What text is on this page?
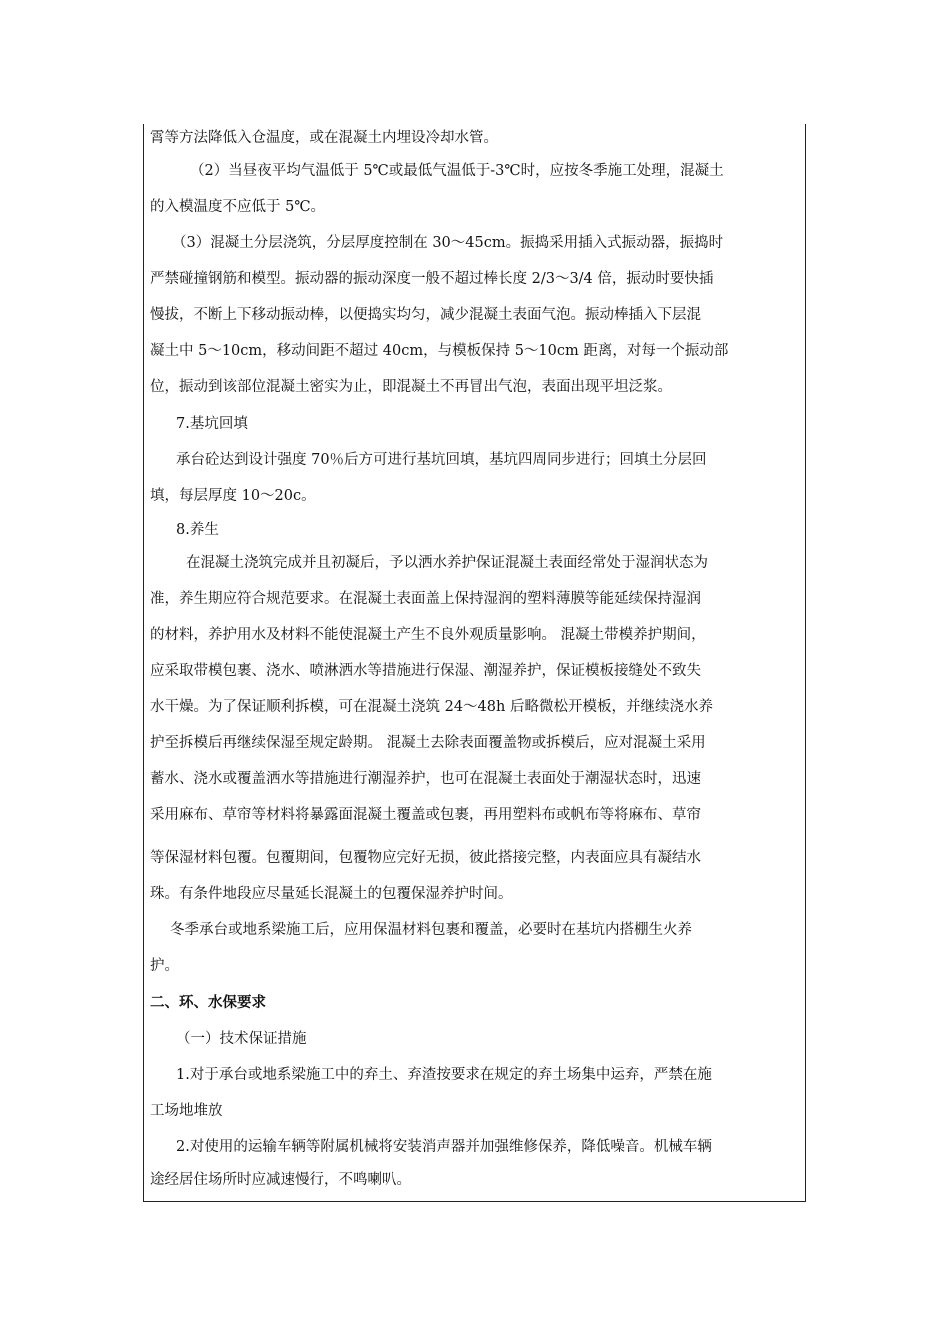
霄等方法降低入仓温度，或在混凝土内埋设冷却水管。
（2）当昼夜平均气温低于 5℃或最低气温低于-3℃时，应按冬季施工处理，混凝土
的入模温度不应低于 5℃。
（3）混凝土分层浇筑，分层厚度控制在 30～45cm。振捣采用插入式振动器，振捣时
严禁碰撞钢筋和模型。振动器的振动深度一般不超过棒长度 2/3～3/4 倍，振动时要快插
慢拔，不断上下移动振动棒，以便捣实均匀，减少混凝土表面气泡。振动棒插入下层混
凝土中 5～10cm，移动间距不超过 40cm，与模板保持 5～10cm 距离，对每一个振动部
位，振动到该部位混凝土密实为止，即混凝土不再冒出气泡，表面出现平坦泛浆。
7.基坑回填
承台砼达到设计强度 70％后方可进行基坑回填，基坑四周同步进行；回填土分层回
填，每层厚度 10～20c。
8.养生
在混凝土浇筑完成并且初凝后，予以洒水养护保证混凝土表面经常处于湿润状态为
准，养生期应符合规范要求。在混凝土表面盖上保持湿润的塑料薄膜等能延续保持湿润
的材料，养护用水及材料不能使混凝土产生不良外观质量影响。 混凝土带模养护期间，
应采取带模包裹、浇水、喷淋洒水等措施进行保湿、潮湿养护，保证模板接缝处不致失
水干燥。为了保证顺利拆模，可在混凝土浇筑 24～48h 后略微松开模板，并继续浇水养
护至拆模后再继续保湿至规定龄期。 混凝土去除表面覆盖物或拆模后，应对混凝土采用
蓄水、浇水或覆盖洒水等措施进行潮湿养护，也可在混凝土表面处于潮湿状态时，迅速
采用麻布、草帘等材料将暴露面混凝土覆盖或包裹，再用塑料布或帆布等将麻布、草帘
等保湿材料包覆。包覆期间，包覆物应完好无损，彼此搭接完整，内表面应具有凝结水
珠。有条件地段应尽量延长混凝土的包覆保湿养护时间。
冬季承台或地系梁施工后，应用保温材料包裹和覆盖，必要时在基坑内搭棚生火养
护。
二、环、水保要求
（一）技术保证措施
1.对于承台或地系梁施工中的弃土、弃渣按要求在规定的弃土场集中运弃，严禁在施
工场地堆放
2.对使用的运输车辆等附属机械将安装消声器并加强维修保养，降低噪音。机械车辆
途经居住场所时应减速慢行，不鸣喇叭。
